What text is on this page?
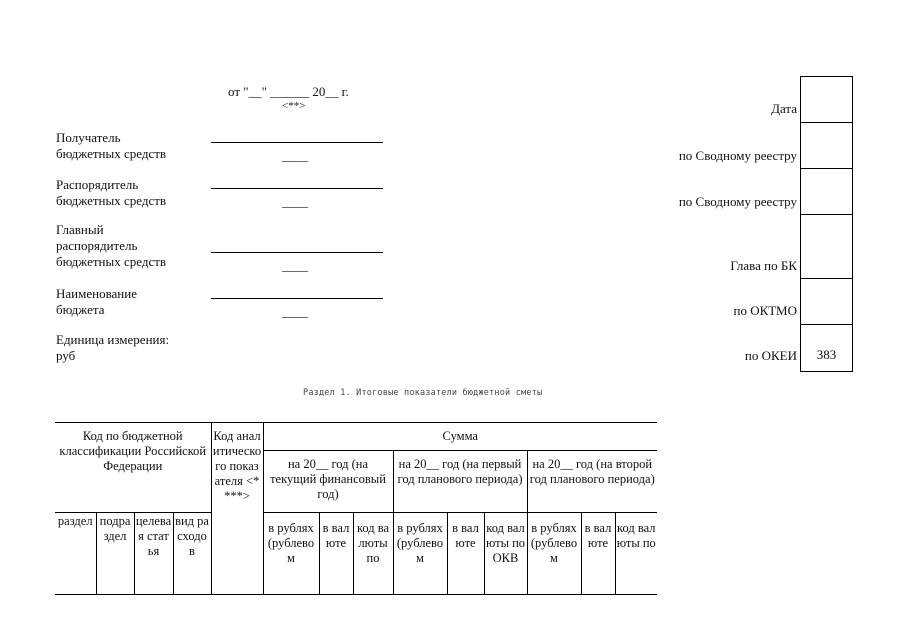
от "__" ______ 20__ г.
<**>
Получатель
бюджетных средств	____
Распорядитель
бюджетных средств	____
Главный
распорядитель
бюджетных средств	____
Наименование
бюджета	____
Единица измерения:
руб
Дата
по Сводному реестру
по Сводному реестру
Глава по БК
по ОКТМО
по ОКЕИ	383
Раздел 1. Итоговые показатели бюджетной сметы
Код по бюджетной классификации Российской Федерации				Код аналитического показателя <****>	Сумма								
					на 20__ год (на текущий финансовый год)			на 20__ год (на первый год планового периода)			на 20__ год (на второй год планового периода)		
раздел	подраздел	целевая статья	вид расходов		в рублях (рублевом	в валюте	код валюты по	в рублях (рублевом	в валюте	код валюты по ОКВ	в рублях (рублевом	в валюте	код валюты по
